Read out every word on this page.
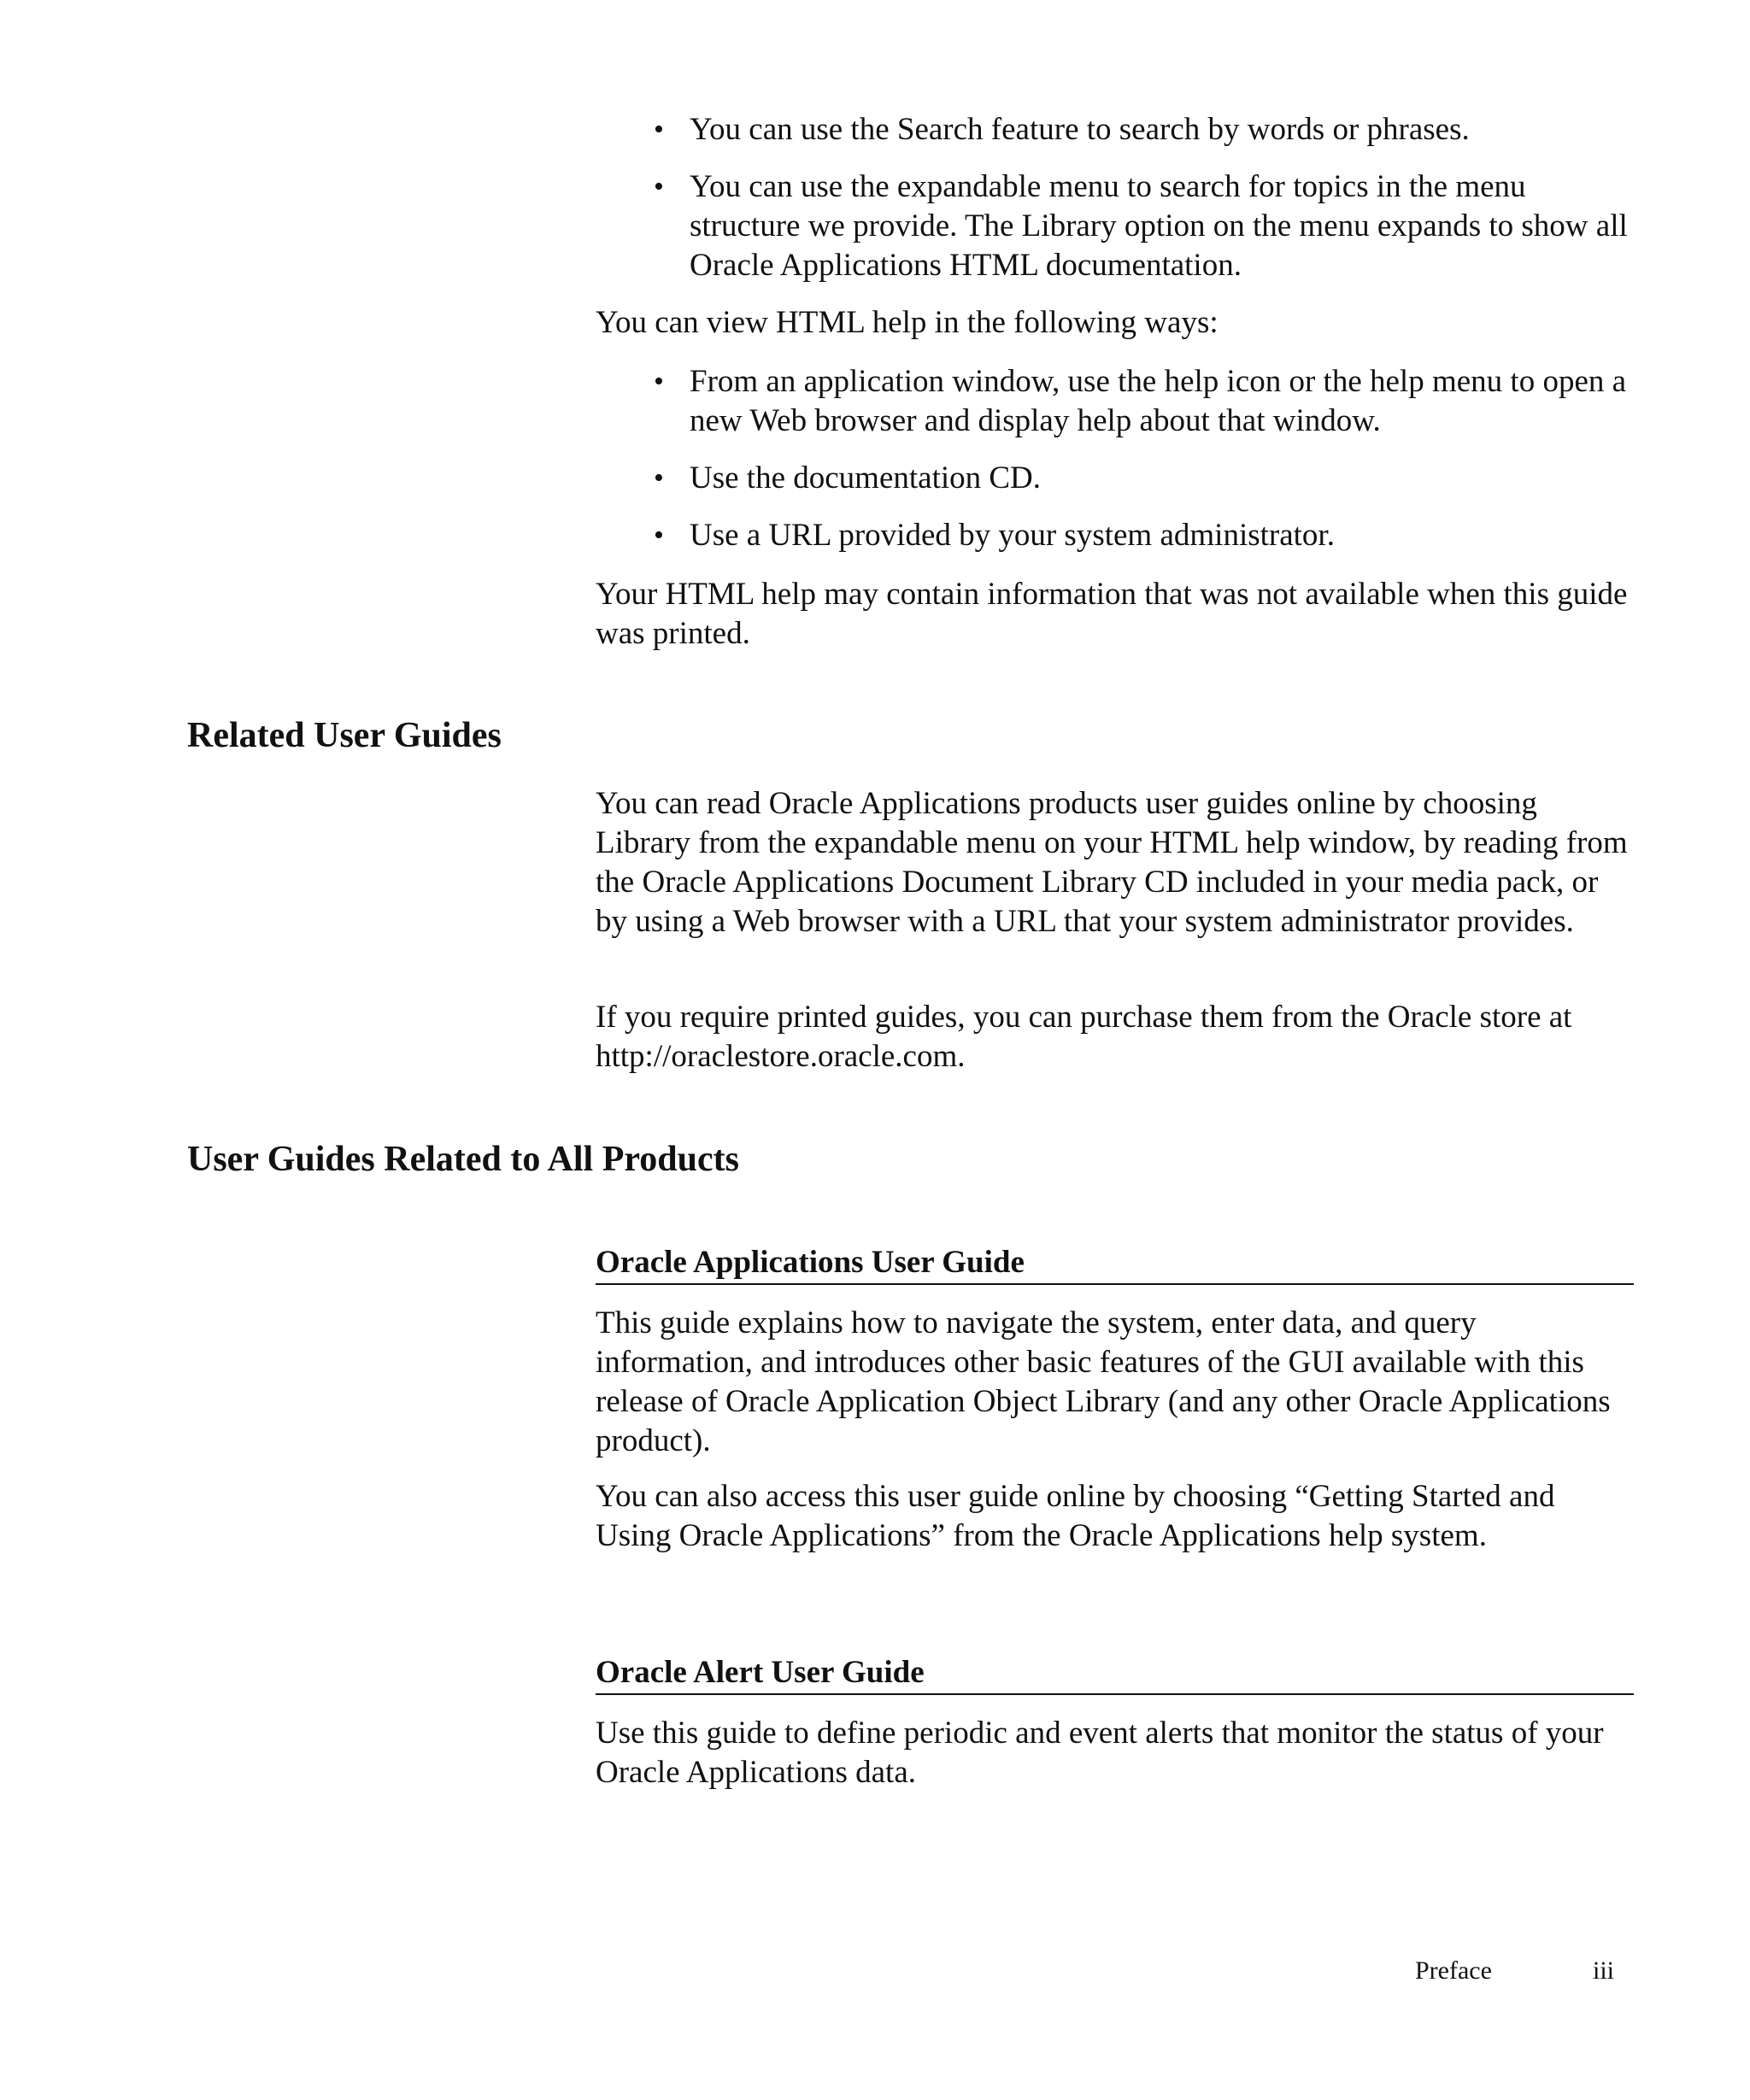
• You can use the Search feature to search by words or phrases.
• You can use the expandable menu to search for topics in the menu structure we provide. The Library option on the menu expands to show all Oracle Applications HTML documentation.

You can view HTML help in the following ways:

• From an application window, use the help icon or the help menu to open a new Web browser and display help about that window.
• Use the documentation CD.
• Use a URL provided by your system administrator.

Your HTML help may contain information that was not available when this guide was printed.

Related User Guides

You can read Oracle Applications products user guides online by choosing Library from the expandable menu on your HTML help window, by reading from the Oracle Applications Document Library CD included in your media pack, or by using a Web browser with a URL that your system administrator provides.

If you require printed guides, you can purchase them from the Oracle store at http://oraclestore.oracle.com.

User Guides Related to All Products
Oracle Applications User Guide

This guide explains how to navigate the system, enter data, and query information, and introduces other basic features of the GUI available with this release of Oracle Application Object Library (and any other Oracle Applications product).

You can also access this user guide online by choosing “Getting Started and Using Oracle Applications” from the Oracle Applications help system.

Oracle Alert User Guide

Use this guide to define periodic and event alerts that monitor the status of your Oracle Applications data.

Preface	iii
